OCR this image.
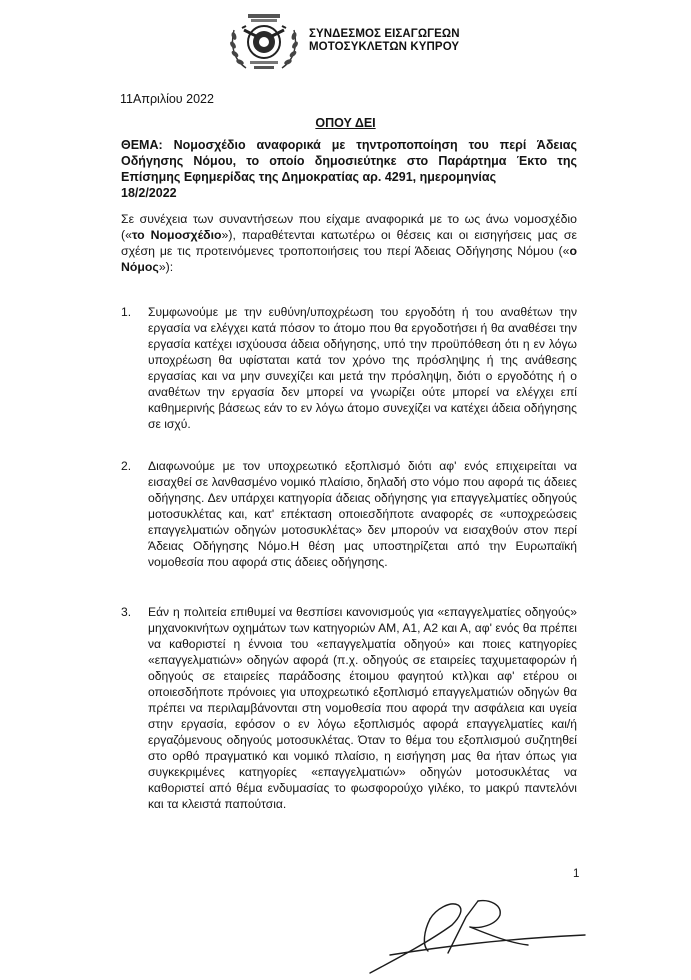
ΣΥΝΔΕΣΜΟΣ ΕΙΣΑΓΩΓΕΩΝ
ΜΟΤΟΣΥΚΛΕΤΩΝ ΚΥΠΡΟΥ
11Απριλίου 2022
ΟΠΟΥ ΔΕΙ
ΘΕΜΑ: Νομοσχέδιο αναφορικά με τηντροποποίηση του περί Άδειας Οδήγησης Νόμου, το οποίο δημοσιεύτηκε στο Παράρτημα Έκτο της Επίσημης Εφημερίδας της Δημοκρατίας αρ. 4291, ημερομηνίας
18/2/2022
Σε συνέχεια των συναντήσεων που είχαμε αναφορικά με το ως άνω νομοσχέδιο («το Νομοσχέδιο»), παραθέτενται κατωτέρω οι θέσεις και οι εισηγήσεις μας σε σχέση με τις προτεινόμενες τροποποιήσεις του περί Άδειας Οδήγησης Νόμου («ο Νόμος»):
1. Συμφωνούμε με την ευθύνη/υποχρέωση του εργοδότη ή του αναθέτων την εργασία να ελέγχει κατά πόσον το άτομο που θα εργοδοτήσει ή θα αναθέσει την εργασία κατέχει ισχύουσα άδεια οδήγησης, υπό την προϋπόθεση ότι η εν λόγω υποχρέωση θα υφίσταται κατά τον χρόνο της πρόσληψης ή της ανάθεσης εργασίας και να μην συνεχίζει και μετά την πρόσληψη, διότι ο εργοδότης ή ο αναθέτων την εργασία δεν μπορεί να γνωρίζει ούτε μπορεί να ελέγχει επί καθημερινής βάσεως εάν το εν λόγω άτομο συνεχίζει να κατέχει άδεια οδήγησης σε ισχύ.
2. Διαφωνούμε με τον υποχρεωτικό εξοπλισμό διότι αφ' ενός επιχειρείται να εισαχθεί σε λανθασμένο νομικό πλαίσιο, δηλαδή στο νόμο που αφορά τις άδειες οδήγησης. Δεν υπάρχει κατηγορία άδειας οδήγησης για επαγγελματίες οδηγούς μοτοσυκλέτας και, κατ' επέκταση οποιεσδήποτε αναφορές σε «υποχρεώσεις επαγγελματιών οδηγών μοτοσυκλέτας» δεν μπορούν να εισαχθούν στον περί Άδειας Οδήγησης Νόμο.Η θέση μας υποστηρίζεται από την Ευρωπαϊκή νομοθεσία που αφορά στις άδειες οδήγησης.
3. Εάν η πολιτεία επιθυμεί να θεσπίσει κανονισμούς για «επαγγελματίες οδηγούς» μηχανοκινήτων οχημάτων των κατηγοριών ΑΜ, Α1, Α2 και Α, αφ' ενός θα πρέπει να καθοριστεί η έννοια του «επαγγελματία οδηγού» και ποιες κατηγορίες «επαγγελματιών» οδηγών αφορά (π.χ. οδηγούς σε εταιρείες ταχυμεταφορών ή οδηγούς σε εταιρείες παράδοσης έτοιμου φαγητού κτλ)και αφ' ετέρου οι οποιεσδήποτε πρόνοιες για υποχρεωτικό εξοπλισμό επαγγελματιών οδηγών θα πρέπει να περιλαμβάνονται στη νομοθεσία που αφορά την ασφάλεια και υγεία στην εργασία, εφόσον ο εν λόγω εξοπλισμός αφορά επαγγελματίες και/ή εργαζόμενους οδηγούς μοτοσυκλέτας. Όταν το θέμα του εξοπλισμού συζητηθεί στο ορθό πραγματικό και νομικό πλαίσιο, η εισήγηση μας θα ήταν όπως για συγκεκριμένες κατηγορίες «επαγγελματιών» οδηγών μοτοσυκλέτας να καθοριστεί από θέμα ενδυμασίας το φωσφορούχο γιλέκο, το μακρύ παντελόνι και τα κλειστά παπούτσια.
1
